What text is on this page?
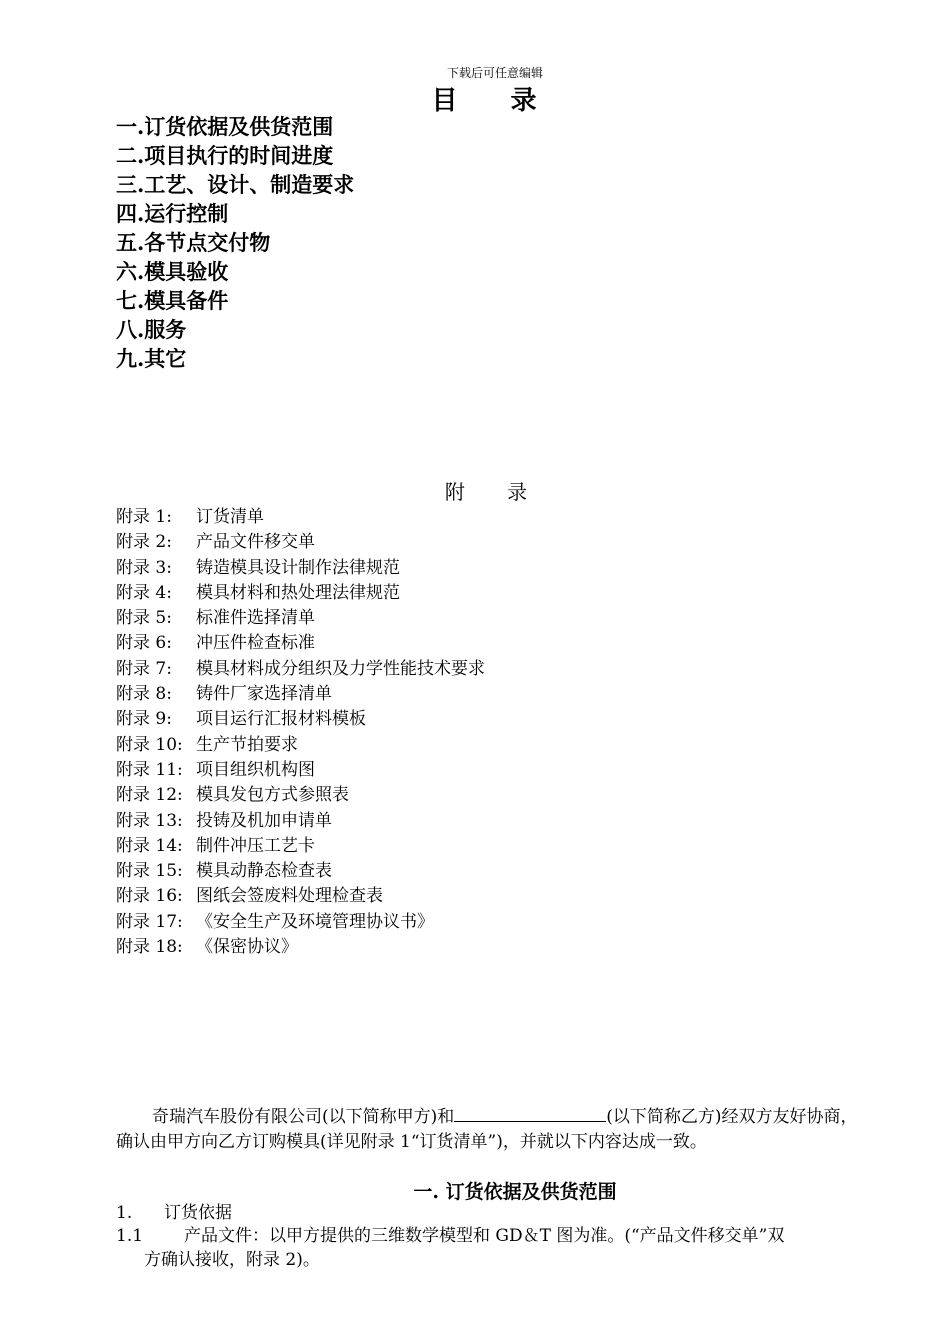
下载后可任意编辑
目 录
一.订货依据及供货范围
二.项目执行的时间进度
三.工艺、设计、制造要求
四.运行控制
五.各节点交付物
六.模具验收
七.模具备件
八.服务
九.其它
附 录
附录 1: 订货清单
附录 2: 产品文件移交单
附录 3: 铸造模具设计制作法律规范
附录 4: 模具材料和热处理法律规范
附录 5: 标准件选择清单
附录 6: 冲压件检查标准
附录 7: 模具材料成分组织及力学性能技术要求
附录 8: 铸件厂家选择清单
附录 9: 项目运行汇报材料模板
附录 10: 生产节拍要求
附录 11: 项目组织机构图
附录 12: 模具发包方式参照表
附录 13: 投铸及机加申请单
附录 14: 制件冲压工艺卡
附录 15: 模具动静态检查表
附录 16: 图纸会签废料处理检查表
附录 17: 《安全生产及环境管理协议书》
附录 18: 《保密协议》
奇瑞汽车股份有限公司(以下简称甲方)和	(以下简称乙方)经双方友好协商，确认由甲方向乙方订购模具(详见附录 1“订货清单”)，并就以下内容达成一致。
一. 订货依据及供货范围
1. 订货依据
1.1 产品文件：以甲方提供的三维数学模型和 GD＆T 图为准。(“产品文件移交单”双
方确认接收，附录 2)。
